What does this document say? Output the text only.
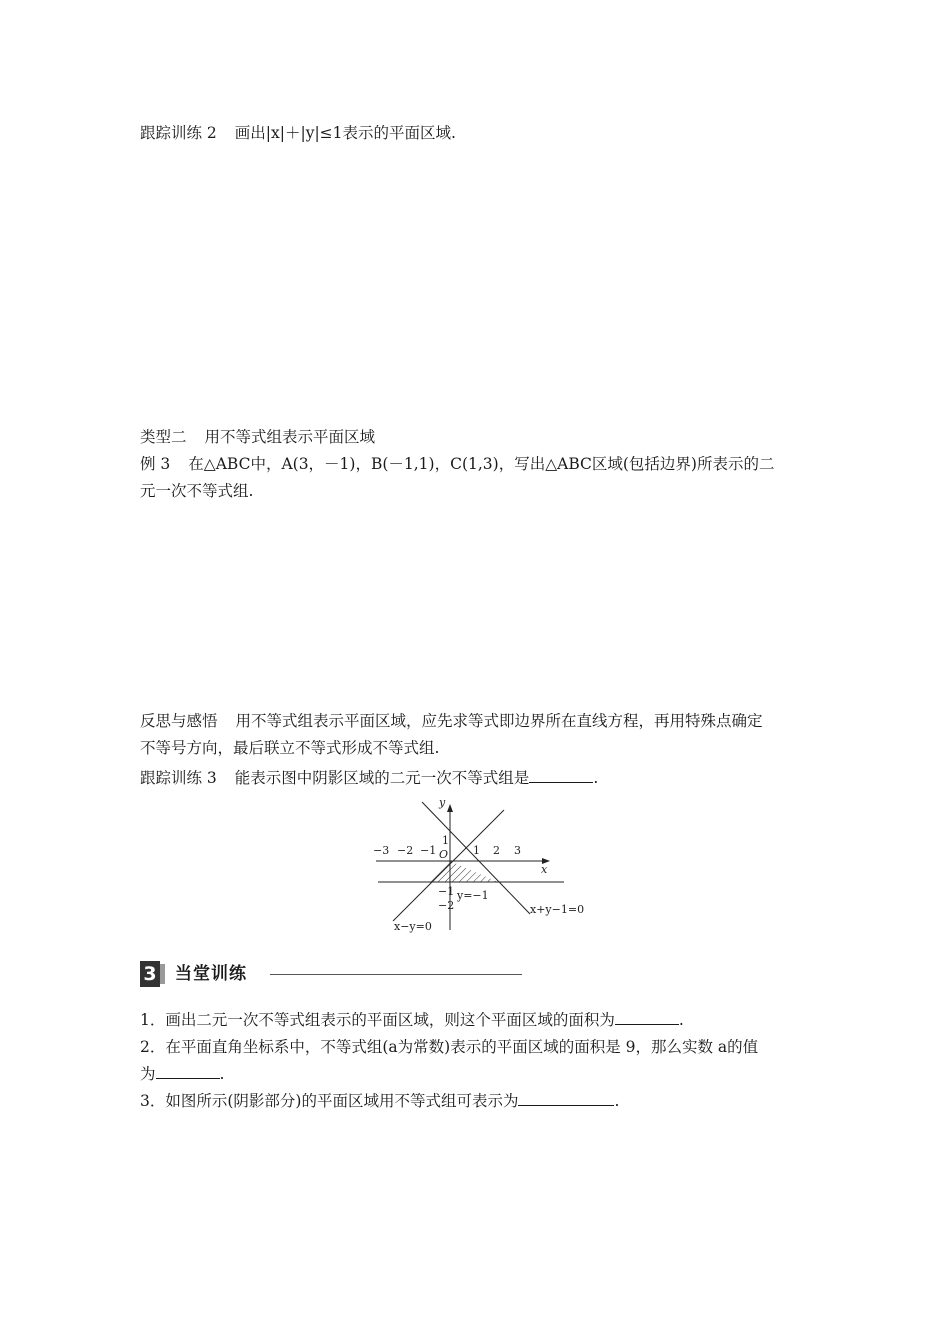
跟踪训练 2 画出|x|＋|y|≤1表示的平面区域.
类型二 用不等式组表示平面区域
例 3 在△ABC中，A(3，－1)，B(－1,1)，C(1,3)，写出△ABC区域(包括边界)所表示的二
元一次不等式组.
反思与感悟 用不等式组表示平面区域，应先求等式即边界所在直线方程，再用特殊点确定
不等号方向，最后联立不等式形成不等式组.
跟踪训练 3 能表示图中阴影区域的二元一次不等式组是	.
y
x
O
−3 −2 −1	1 2 3
1
−1
−2
y=−1
x+y−1=0
x−y=0
3 当堂训练
1．画出二元一次不等式组表示的平面区域，则这个平面区域的面积为	.
2．在平面直角坐标系中，不等式组(a为常数)表示的平面区域的面积是 9，那么实数 a的值
为	.
3．如图所示(阴影部分)的平面区域用不等式组可表示为	.
